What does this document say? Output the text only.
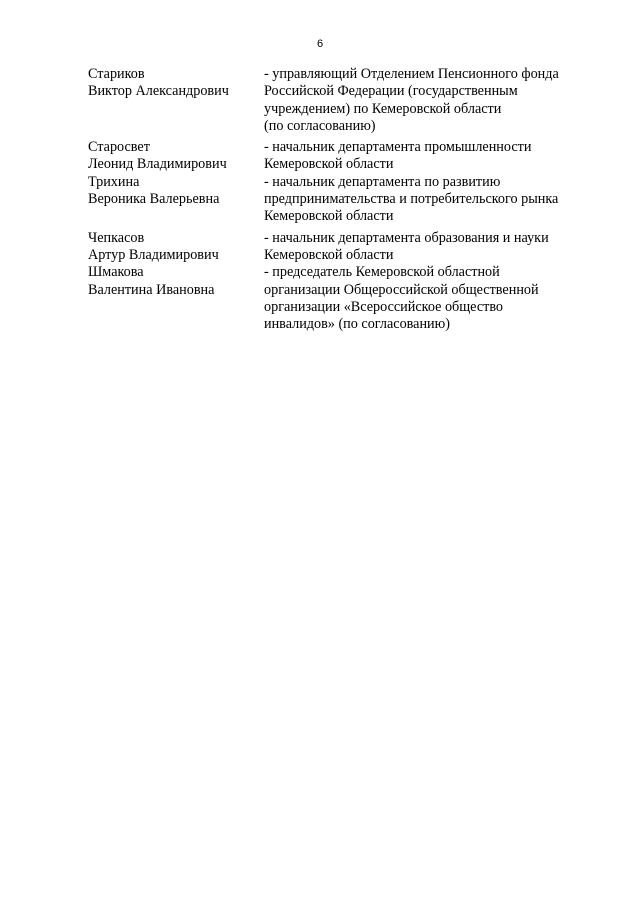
6
Стариков
Виктор Александрович
- управляющий Отделением Пенсионного фонда
Российской Федерации (государственным
учреждением) по Кемеровской области
(по согласованию)
Старосвет
Леонид Владимирович
- начальник департамента промышленности
Кемеровской области
Трихина
Вероника Валерьевна
- начальник департамента по развитию
предпринимательства и потребительского рынка
Кемеровской области
Чепкасов
Артур Владимирович
- начальник департамента образования и науки
Кемеровской области
Шмакова
Валентина Ивановна
- председатель Кемеровской областной
организации Общероссийской общественной
организации «Всероссийское общество
инвалидов» (по согласованию)
